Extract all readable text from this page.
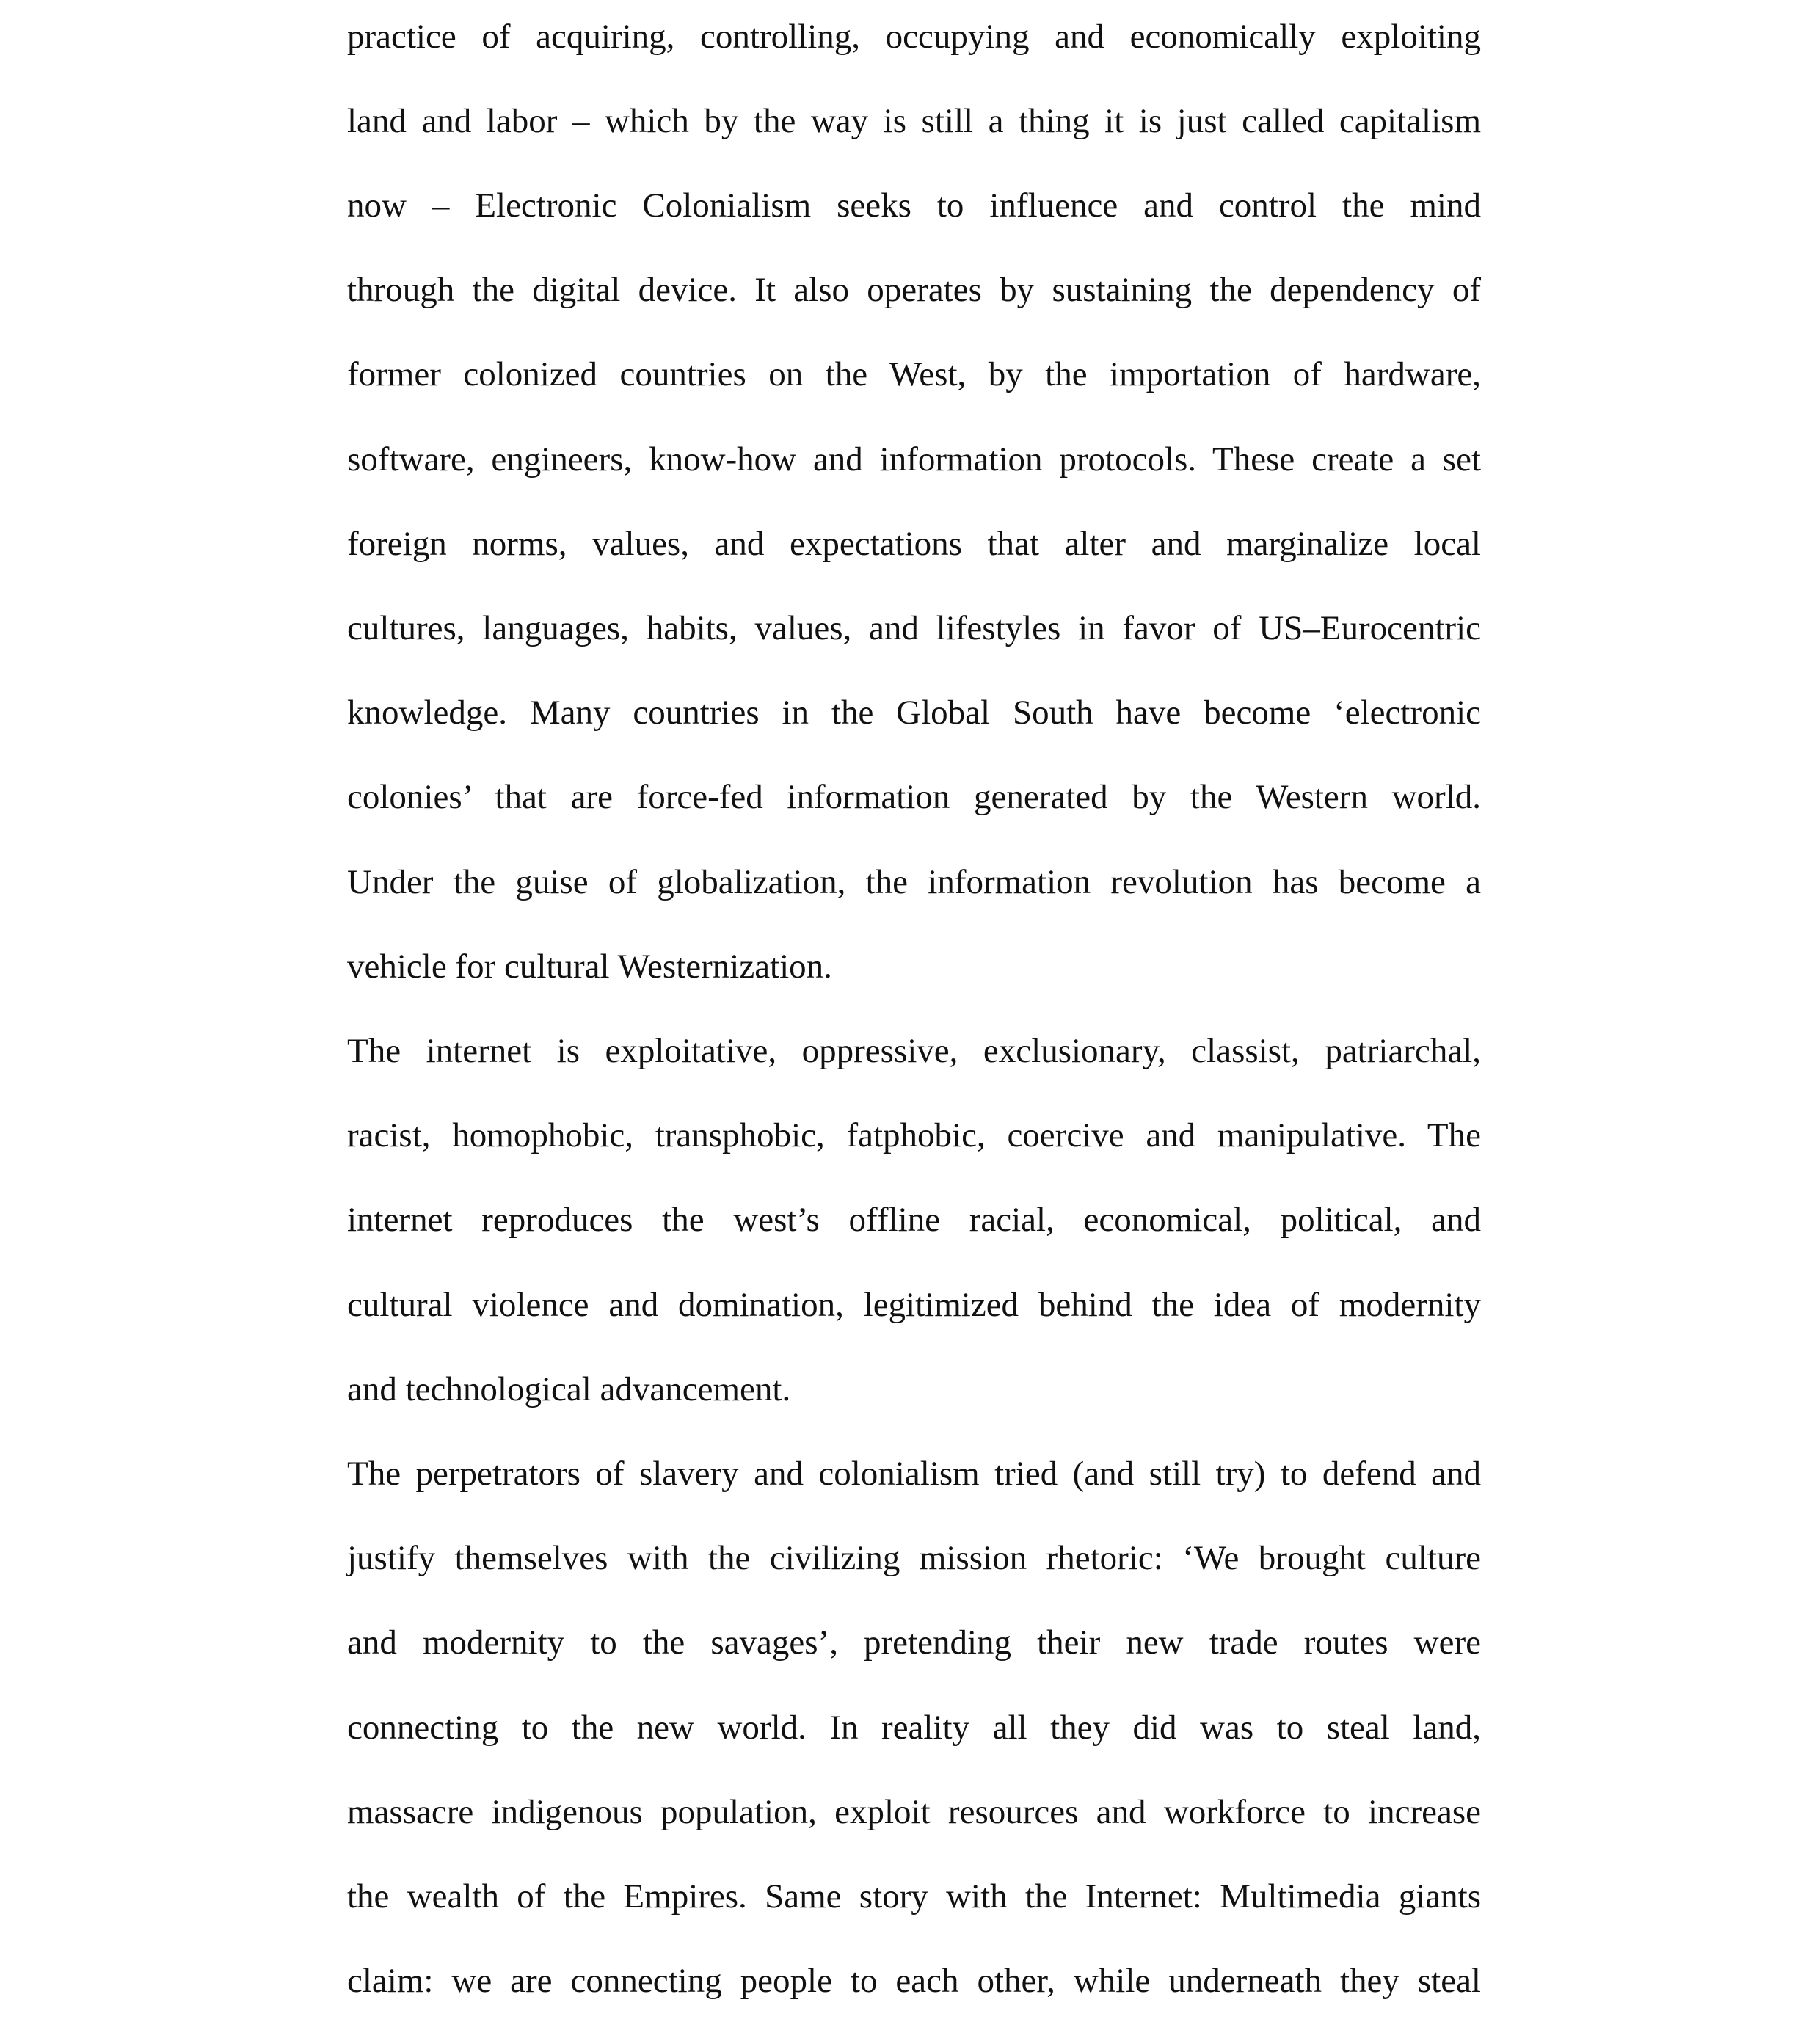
practice of acquiring, controlling, occupying and economically exploiting
land and labor – which by the way is still a thing it is just called capitalism
now – Electronic Colonialism seeks to influence and control the mind
through the digital device. It also operates by sustaining the dependency of
former colonized countries on the West, by the importation of hardware,
software, engineers, know-how and information protocols. These create a set
foreign norms, values, and expectations that alter and marginalize local
cultures, languages, habits, values, and lifestyles in favor of US–Eurocentric
knowledge. Many countries in the Global South have become ‘electronic
colonies’ that are force-fed information generated by the Western world.
Under the guise of globalization, the information revolution has become a
vehicle for cultural Westernization.
The internet is exploitative, oppressive, exclusionary, classist, patriarchal,
racist, homophobic, transphobic, fatphobic, coercive and manipulative. The
internet reproduces the west’s offline racial, economical, political, and
cultural violence and domination, legitimized behind the idea of modernity
and technological advancement.
The perpetrators of slavery and colonialism tried (and still try) to defend and
justify themselves with the civilizing mission rhetoric: ‘We brought culture
and modernity to the savages’, pretending their new trade routes were
connecting to the new world. In reality all they did was to steal land,
massacre indigenous population, exploit resources and workforce to increase
the wealth of the Empires. Same story with the Internet: Multimedia giants
claim: we are connecting people to each other, while underneath they steal
